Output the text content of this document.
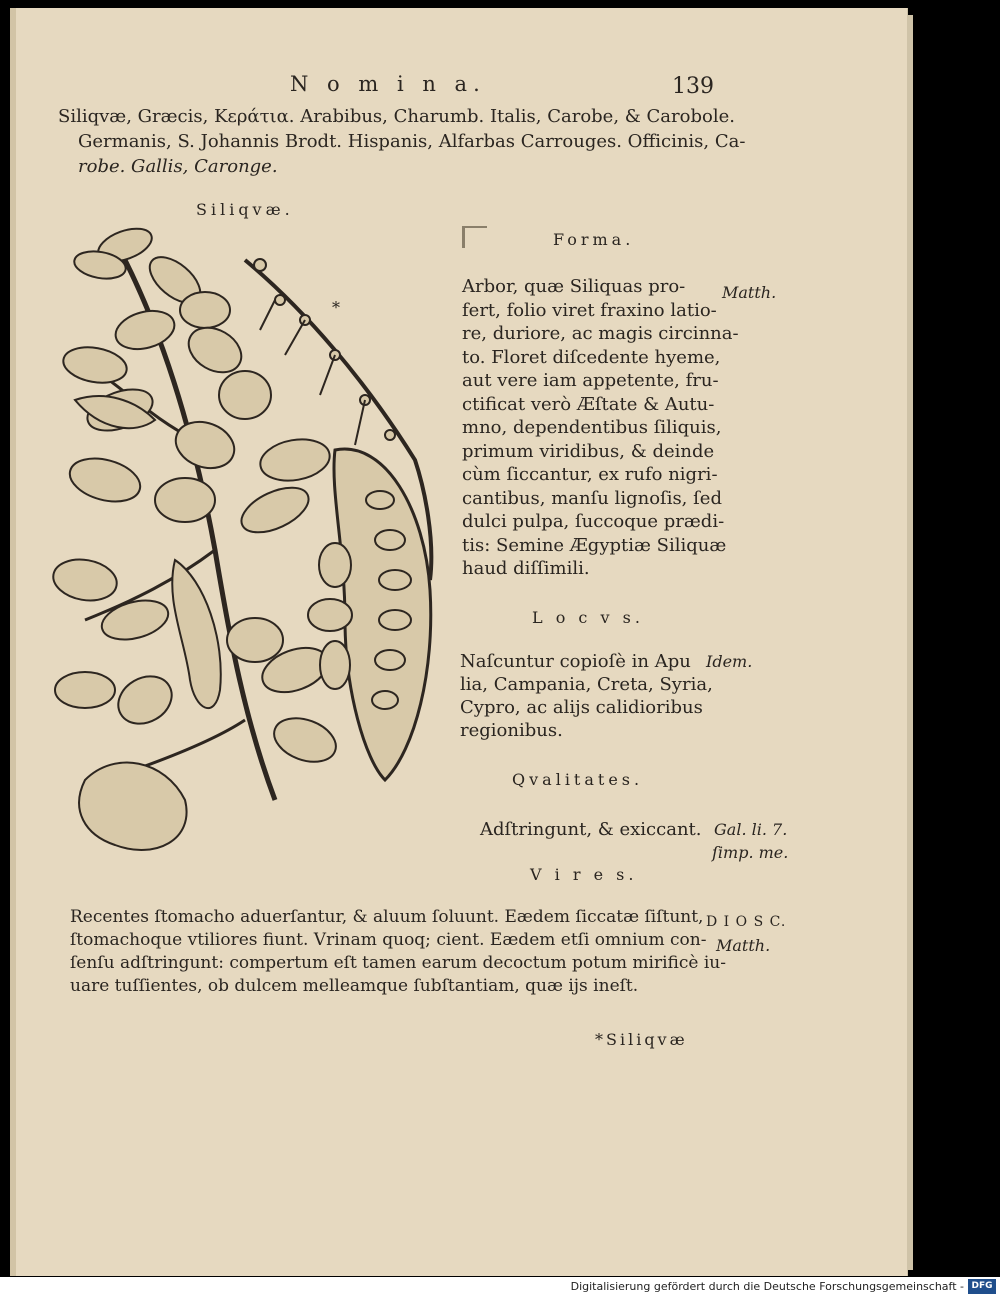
N o m i n a.	139
Siliqvæ, Græcis, Κεράτια. Arabibus, Charumb. Italis, Carobe, & Carobole.
Germanis, S. Johannis Brodt. Hispanis, Alfarbas Carrouges. Officinis, Ca-
robe. Gallis, Caronge.
Siliqvæ.
*
Forma.
Matth.
Arbor, quæ Siliquas pro-
fert, folio viret fraxino latio-
re, duriore, ac magis circinna-
to. Floret diſcedente hyeme,
aut vere iam appetente, fru-
ctificat verò Æſtate & Autu-
mno, dependentibus ſiliquis,
primum viridibus, & deinde
cùm ſiccantur, ex rufo nigri-
cantibus, manſu lignoſis, ſed
dulci pulpa, ſuccoque prædi-
tis: Semine Ægyptiæ Siliquæ
haud diſſimili.
L o c v s.
Idem.
Naſcuntur copioſè in Apu
lia, Campania, Creta, Syria,
Cypro, ac alijs calidioribus
regionibus.
Qvalitates.
Adſtringunt, & exiccant. Gal. li. 7.
ſimp. me.
V i r e s.
Recentes ſtomacho aduerſantur, & aluum ſoluunt. Eædem ſiccatæ ſiſtunt,
ſtomachoque vtiliores fiunt. Vrinam quoq; cient. Eædem etſi omnium con-
ſenſu adſtringunt: compertum eſt tamen earum decoctum potum mirificè iu-
uare tuſſientes, ob dulcem melleamque ſubſtantiam, quæ ijs ineſt.
D I O S C.
Matth.
*Siliqvæ
Digitalisierung gefördert durch die Deutsche Forschungsgemeinschaft - DFG
